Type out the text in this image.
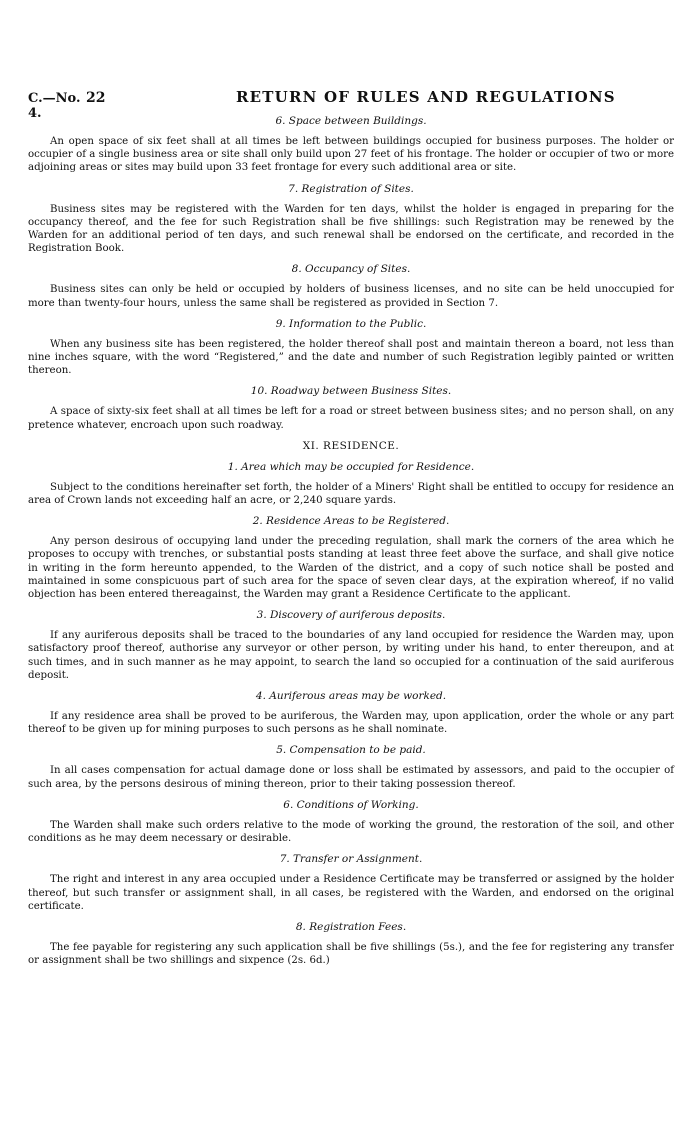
C.—No. 4.
22	RETURN OF RULES AND REGULATIONS
6. Space between Buildings.

An open space of six feet shall at all times be left between buildings occupied for business purposes. The holder or occupier of a single business area or site shall only build upon 27 feet of his frontage. The holder or occupier of two or more adjoining areas or sites may build upon 33 feet frontage for every such additional area or site.

7. Registration of Sites.

Business sites may be registered with the Warden for ten days, whilst the holder is engaged in preparing for the occupancy thereof, and the fee for such Registration shall be five shillings: such Registration may be renewed by the Warden for an additional period of ten days, and such renewal shall be endorsed on the certificate, and recorded in the Registration Book.

8. Occupancy of Sites.

Business sites can only be held or occupied by holders of business licenses, and no site can be held unoccupied for more than twenty-four hours, unless the same shall be registered as provided in Section 7.

9. Information to the Public.

When any business site has been registered, the holder thereof shall post and maintain thereon a board, not less than nine inches square, with the word “Registered,” and the date and number of such Registration legibly painted or written thereon.

10. Roadway between Business Sites.

A space of sixty-six feet shall at all times be left for a road or street between business sites; and no person shall, on any pretence whatever, encroach upon such roadway.

XI. RESIDENCE.
1. Area which may be occupied for Residence.

Subject to the conditions hereinafter set forth, the holder of a Miners' Right shall be entitled to occupy for residence an area of Crown lands not exceeding half an acre, or 2,240 square yards.

2. Residence Areas to be Registered.

Any person desirous of occupying land under the preceding regulation, shall mark the corners of the area which he proposes to occupy with trenches, or substantial posts standing at least three feet above the surface, and shall give notice in writing in the form hereunto appended, to the Warden of the district, and a copy of such notice shall be posted and maintained in some conspicuous part of such area for the space of seven clear days, at the expiration whereof, if no valid objection has been entered thereagainst, the Warden may grant a Residence Certificate to the applicant.

3. Discovery of auriferous deposits.

If any auriferous deposits shall be traced to the boundaries of any land occupied for residence the Warden may, upon satisfactory proof thereof, authorise any surveyor or other person, by writing under his hand, to enter thereupon, and at such times, and in such manner as he may appoint, to search the land so occupied for a continuation of the said auriferous deposit.

4. Auriferous areas may be worked.

If any residence area shall be proved to be auriferous, the Warden may, upon application, order the whole or any part thereof to be given up for mining purposes to such persons as he shall nominate.

5. Compensation to be paid.

In all cases compensation for actual damage done or loss shall be estimated by assessors, and paid to the occupier of such area, by the persons desirous of mining thereon, prior to their taking possession thereof.

6. Conditions of Working.

The Warden shall make such orders relative to the mode of working the ground, the restoration of the soil, and other conditions as he may deem necessary or desirable.

7. Transfer or Assignment.

The right and interest in any area occupied under a Residence Certificate may be transferred or assigned by the holder thereof, but such transfer or assignment shall, in all cases, be registered with the Warden, and endorsed on the original certificate.

8. Registration Fees.

The fee payable for registering any such application shall be five shillings (5s.), and the fee for registering any transfer or assignment shall be two shillings and sixpence (2s. 6d.)
